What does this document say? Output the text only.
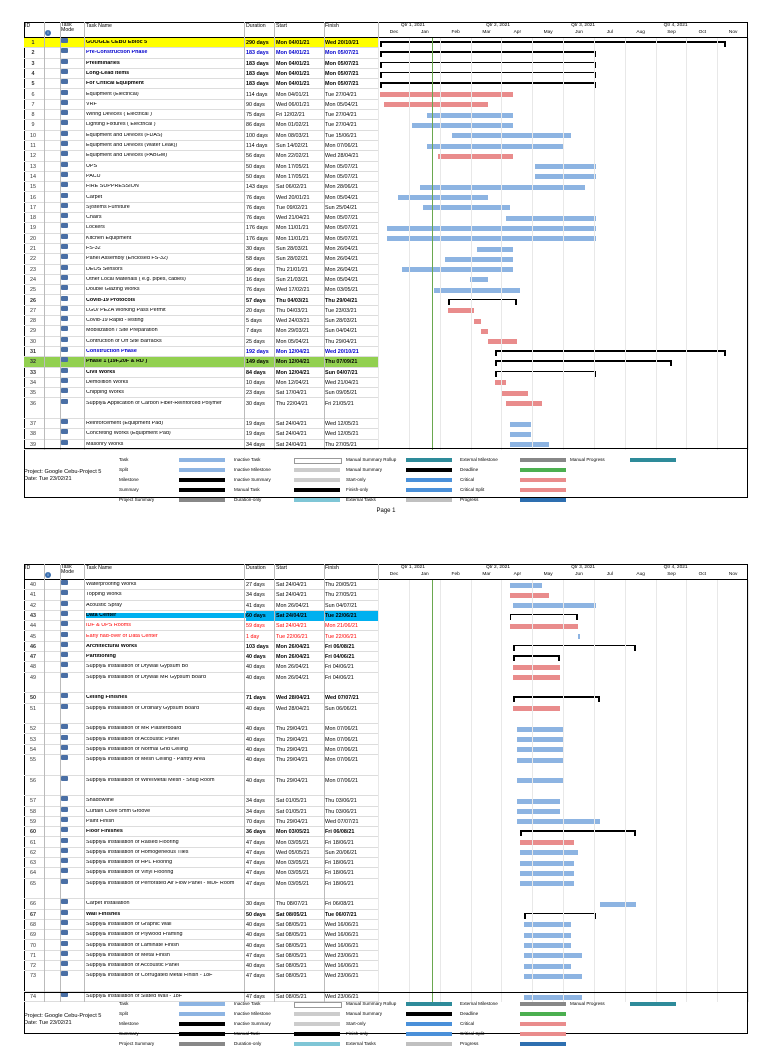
ID	Task Mode
Task Name	Duration Start	Finish
i
Qtr 1, 2021	Qtr 2, 2021	Qtr 3, 2021	Qtr 4, 2021
Dec	Jan	Feb	Mar	Apr	May	Jun	Jul	Aug	Sep	Oct	Nov
1	GOOGLE CEBU Ebloc 5	290 days	Mon 04/01/21	Wed 20/10/21
2	Pre-Construction Phase	183 days	Mon 04/01/21	Mon 05/07/21
3	Preliminaries	183 days	Mon 04/01/21	Mon 05/07/21
4	Long-Lead Items	183 days	Mon 04/01/21	Mon 05/07/21
5	For Critical Equipment	183 days	Mon 04/01/21	Mon 05/07/21
6	Equipment (Electrical)	114 days	Mon 04/01/21	Tue 27/04/21
7	VRF	90 days	Wed 06/01/21	Mon 05/04/21
8	Wiring Devices ( Electrical )	75 days	Fri 12/02/21	Tue 27/04/21
9	Lighting Fixtures ( Electrical )	86 days	Mon 01/02/21	Tue 27/04/21
10	Equipment and Devices (FDAS)	100 days	Mon 08/03/21	Tue 15/06/21
11	Equipment and Devices (Water Leak))	114 days	Sun 14/02/21	Mon 07/06/21
12	Equipment and Devices (PABGM)	56 days	Mon 22/02/21	Wed 28/04/21
13	UPS	50 days	Mon 17/05/21	Mon 05/07/21
14	PACU	50 days	Mon 17/05/21	Mon 05/07/21
15	FIRE SUPPRESSION	143 days	Sat 06/02/21	Mon 28/06/21
16	Carpet	76 days	Wed 20/01/21	Mon 05/04/21
17	Systems Furniture	76 days	Tue 09/02/21	Sun 25/04/21
18	Chairs	76 days	Wed 21/04/21	Mon 05/07/21
19	Lockers	176 days	Mon 11/01/21	Mon 05/07/21
20	Kitchen Equipment	176 days	Mon 11/01/21	Mon 05/07/21
21	FS-32	30 days	Sun 28/03/21	Mon 26/04/21
22	Panel Assembly (Enclosed FS-32)	58 days	Sun 28/02/21	Mon 26/04/21
23	DEOS Sensors	96 days	Thu 21/01/21	Mon 26/04/21
24	Other Local Materials ( e.g. pipes, cables)	16 days	Sun 21/03/21	Mon 05/04/21
25	Double Glazing Works	76 days	Wed 17/02/21	Mon 03/05/21
26	Covid-19 Protocols	57 days	Thu 04/03/21	Thu 29/04/21
27	LGU/ PEZA Working Pass Permit	20 days	Thu 04/03/21	Tue 23/03/21
28	Covid-19 Rapid -Testing	5 days	Wed 24/03/21	Sun 28/03/21
29	Mobilization / Site Preparation	7 days	Mon 29/03/21	Sun 04/04/21
30	Contruction of Off Site Barracks	25 days	Mon 05/04/21	Thu 29/04/21
31	Construction Phase	192 days	Mon 12/04/21	Wed 20/10/21
32	Phase 1 (19F,20F & RD )	149 days	Mon 12/04/21	Thu 07/09/21
33	Civil Works	84 days	Mon 12/04/21	Sun 04/07/21
34	Demolition Works	10 days	Mon 12/04/21	Wed 21/04/21
35	Chipping Works	23 days	Sat 17/04/21	Sun 09/05/21
36	Supply& Application of Carbon Fiber-Reinforced Polymer	30 days	Thu 22/04/21	Fri 21/05/21
37	Reinforcement (Equipment Pad)	19 days	Sat 24/04/21	Wed 12/05/21
38	Concreting Works (Equipment Pad)	19 days	Sat 24/04/21	Wed 12/05/21
39	Masonry Works	34 days	Sat 24/04/21	Thu 27/05/21
Project: Google Cebu-Project 5
Date: Tue 23/02/21
Task
Split
Milestone
Summary
Project Summary
Inactive Task
Inactive Milestone
Inactive Summary
Manual Task
Duration-only
Manual Summary Rollup
Manual Summary
Start-only
Finish-only
External Tasks
External Milestone
Deadline
Critical
Critical Split
Progress
Manual Progress
Page 1
ID	Task Mode
Task Name	Duration Start	Finish
i
Qtr 1, 2021	Qtr 2, 2021	Qtr 3, 2021	Qtr 4, 2021
Dec	Jan	Feb	Mar	Apr	May	Jun	Jul	Aug	Sep	Oct	Nov
40	Waterproofing Works	27 days	Sat 24/04/21	Thu 20/05/21
41	Topping Works	34 days	Sat 24/04/21	Thu 27/05/21
42	Acoustic Spray	41 days	Mon 26/04/21	Sun 04/07/21
43	Data Center	60 days	Sat 24/04/21	Tue 22/06/21
44	IDF & UPS Rooms	59 days	Sat 24/04/21	Mon 21/06/21
45	Early had-over of Data Center	1 day	Tue 22/06/21	Tue 22/06/21
46	Architectural Works	103 days	Mon 26/04/21	Fri 06/08/21
47	Partitioning	40 days	Mon 26/04/21	Fri 04/06/21
48	Supply& Installation of Drywall Gypsum Bo	40 days	Mon 26/04/21	Fri 04/06/21
49	Supply& Installation of Drywall MR Gypsum Board	40 days	Mon 26/04/21	Fri 04/06/21
50	Ceiling Finishes	71 days	Wed 28/04/21	Wed 07/07/21
51	Supply& Installation of Ordinary Gypsum Board	40 days	Wed 28/04/21	Sun 06/06/21
52	Supply& Installation of MR Plasterboard	40 days	Thu 29/04/21	Mon 07/06/21
53	Supply& Installation of Accoustic Panel	40 days	Thu 29/04/21	Mon 07/06/21
54	Supply& Installation of Normal Grid Ceiling	40 days	Thu 29/04/21	Mon 07/06/21
55	Supply& Installation of Mesh Ceiling - Pantry Area	40 days	Thu 29/04/21	Mon 07/06/21
56	Supply& Installation of Wire/Metal Mesh - Snug Room	40 days	Thu 29/04/21	Mon 07/06/21
57	Shadowline	34 days	Sat 01/05/21	Thu 03/06/21
58	Curtain Cove 5mm Groove	34 days	Sat 01/05/21	Thu 03/06/21
59	Paint Finish	70 days	Thu 29/04/21	Wed 07/07/21
60	Floor Finishes	36 days	Mon 03/05/21	Fri 06/08/21
61	Supply& Installation of Raised Flooring	47 days	Mon 03/05/21	Fri 18/06/21
62	Supply& Installation of Homogeneous Tiles	47 days	Wed 05/05/21	Sun 20/06/21
63	Supply& Installation of HPL Flooring	47 days	Mon 03/05/21	Fri 18/06/21
64	Supply& Installation of Vinyl Flooring	47 days	Mon 03/05/21	Fri 18/06/21
65	Supply& Installation of Perforated Air Flow Panel - MDF Room	47 days	Mon 03/05/21	Fri 18/06/21
66	Carpet Installation	30 days	Thu 08/07/21	Fri 06/08/21
67	Wall Finishes	50 days	Sat 08/05/21	Tue 06/07/21
68	Supply& Installation of Graphic Wall	40 days	Sat 08/05/21	Wed 16/06/21
69	Supply& Installation of Plywood Framing	40 days	Sat 08/05/21	Wed 16/06/21
70	Supply& Installation of Laminate Finish	40 days	Sat 08/05/21	Wed 16/06/21
71	Supply& Installation of Metal Finish	47 days	Sat 08/05/21	Wed 23/06/21
72	Supply& Installation of Accoustic Panel	40 days	Sat 08/05/21	Wed 16/06/21
73	Supply& Installation of Corrugated Metal Finish - 18F	47 days	Sat 08/05/21	Wed 23/06/21
74	Supply& Installation of Slated Wall - 18F	47 days	Sat 08/05/21	Wed 23/06/21
Project: Google Cebu-Project 5
Date: Tue 23/02/21
Task
Split
Milestone
Summary
Project Summary
Inactive Task
Inactive Milestone
Inactive Summary
Manual Task
Duration-only
Manual Summary Rollup
Manual Summary
Start-only
Finish-only
External Tasks
External Milestone
Deadline
Critical
Critical Split
Progress
Manual Progress
